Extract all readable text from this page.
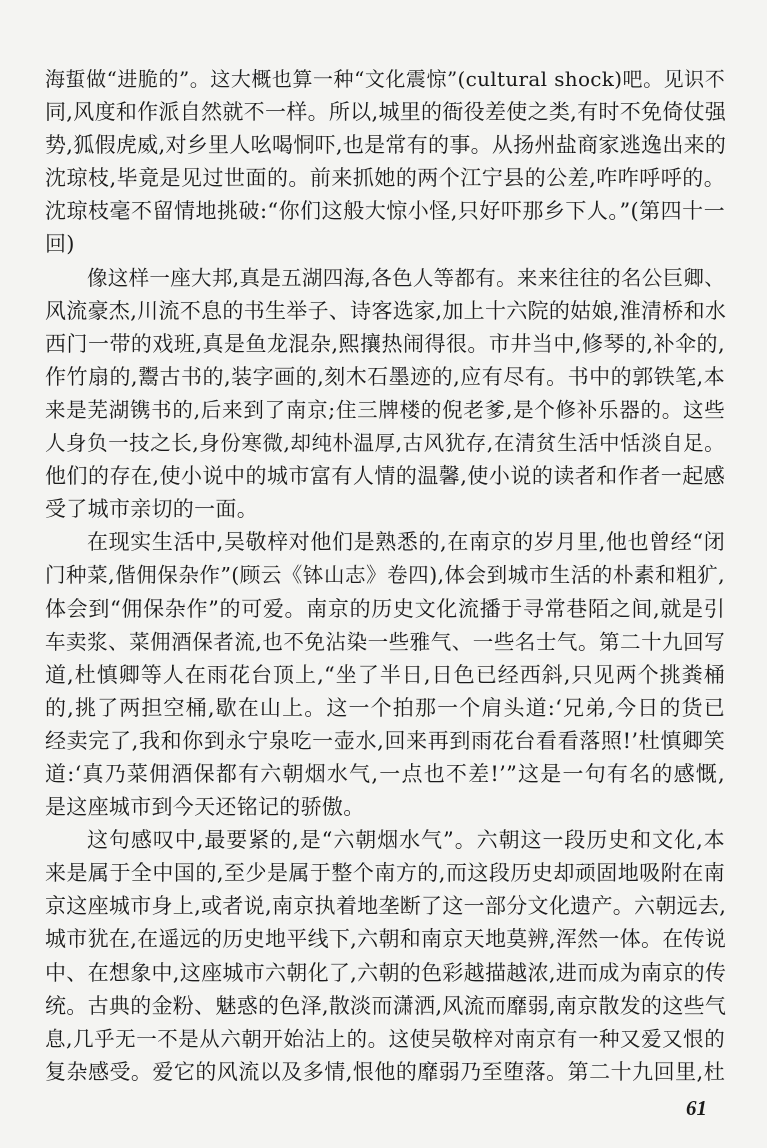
海蜇做“进脆的”。这大概也算一种“文化震惊”(cultural shock)吧。见识不
同,风度和作派自然就不一样。所以,城里的衙役差使之类,有时不免倚仗强
势,狐假虎威,对乡里人吆喝恫吓,也是常有的事。从扬州盐商家逃逸出来的
沈琼枝,毕竟是见过世面的。前来抓她的两个江宁县的公差,咋咋呼呼的。
沈琼枝毫不留情地挑破:“你们这般大惊小怪,只好吓那乡下人。”(第四十一
回)
像这样一座大邦,真是五湖四海,各色人等都有。来来往往的名公巨卿、
风流豪杰,川流不息的书生举子、诗客选家,加上十六院的姑娘,淮清桥和水
西门一带的戏班,真是鱼龙混杂,熙攘热闹得很。市井当中,修琴的,补伞的,
作竹扇的,鬻古书的,装字画的,刻木石墨迹的,应有尽有。书中的郭铁笔,本
来是芜湖镌书的,后来到了南京;住三牌楼的倪老爹,是个修补乐器的。这些
人身负一技之长,身份寒微,却纯朴温厚,古风犹存,在清贫生活中恬淡自足。
他们的存在,使小说中的城市富有人情的温馨,使小说的读者和作者一起感
受了城市亲切的一面。
在现实生活中,吴敬梓对他们是熟悉的,在南京的岁月里,他也曾经“闭
门种菜,偕佣保杂作”(顾云《钵山志》卷四),体会到城市生活的朴素和粗犷,
体会到“佣保杂作”的可爱。南京的历史文化流播于寻常巷陌之间,就是引
车卖浆、菜佣酒保者流,也不免沾染一些雅气、一些名士气。第二十九回写
道,杜慎卿等人在雨花台顶上,“坐了半日,日色已经西斜,只见两个挑粪桶
的,挑了两担空桶,歇在山上。这一个拍那一个肩头道:‘兄弟,今日的货已
经卖完了,我和你到永宁泉吃一壶水,回来再到雨花台看看落照!’杜慎卿笑
道:‘真乃菜佣酒保都有六朝烟水气,一点也不差!’”这是一句有名的感慨,
是这座城市到今天还铭记的骄傲。
这句感叹中,最要紧的,是“六朝烟水气”。六朝这一段历史和文化,本
来是属于全中国的,至少是属于整个南方的,而这段历史却顽固地吸附在南
京这座城市身上,或者说,南京执着地垄断了这一部分文化遗产。六朝远去,
城市犹在,在遥远的历史地平线下,六朝和南京天地莫辨,浑然一体。在传说
中、在想象中,这座城市六朝化了,六朝的色彩越描越浓,进而成为南京的传
统。古典的金粉、魅惑的色泽,散淡而潇洒,风流而靡弱,南京散发的这些气
息,几乎无一不是从六朝开始沾上的。这使吴敬梓对南京有一种又爱又恨的
复杂感受。爱它的风流以及多情,恨他的靡弱乃至堕落。第二十九回里,杜
61
